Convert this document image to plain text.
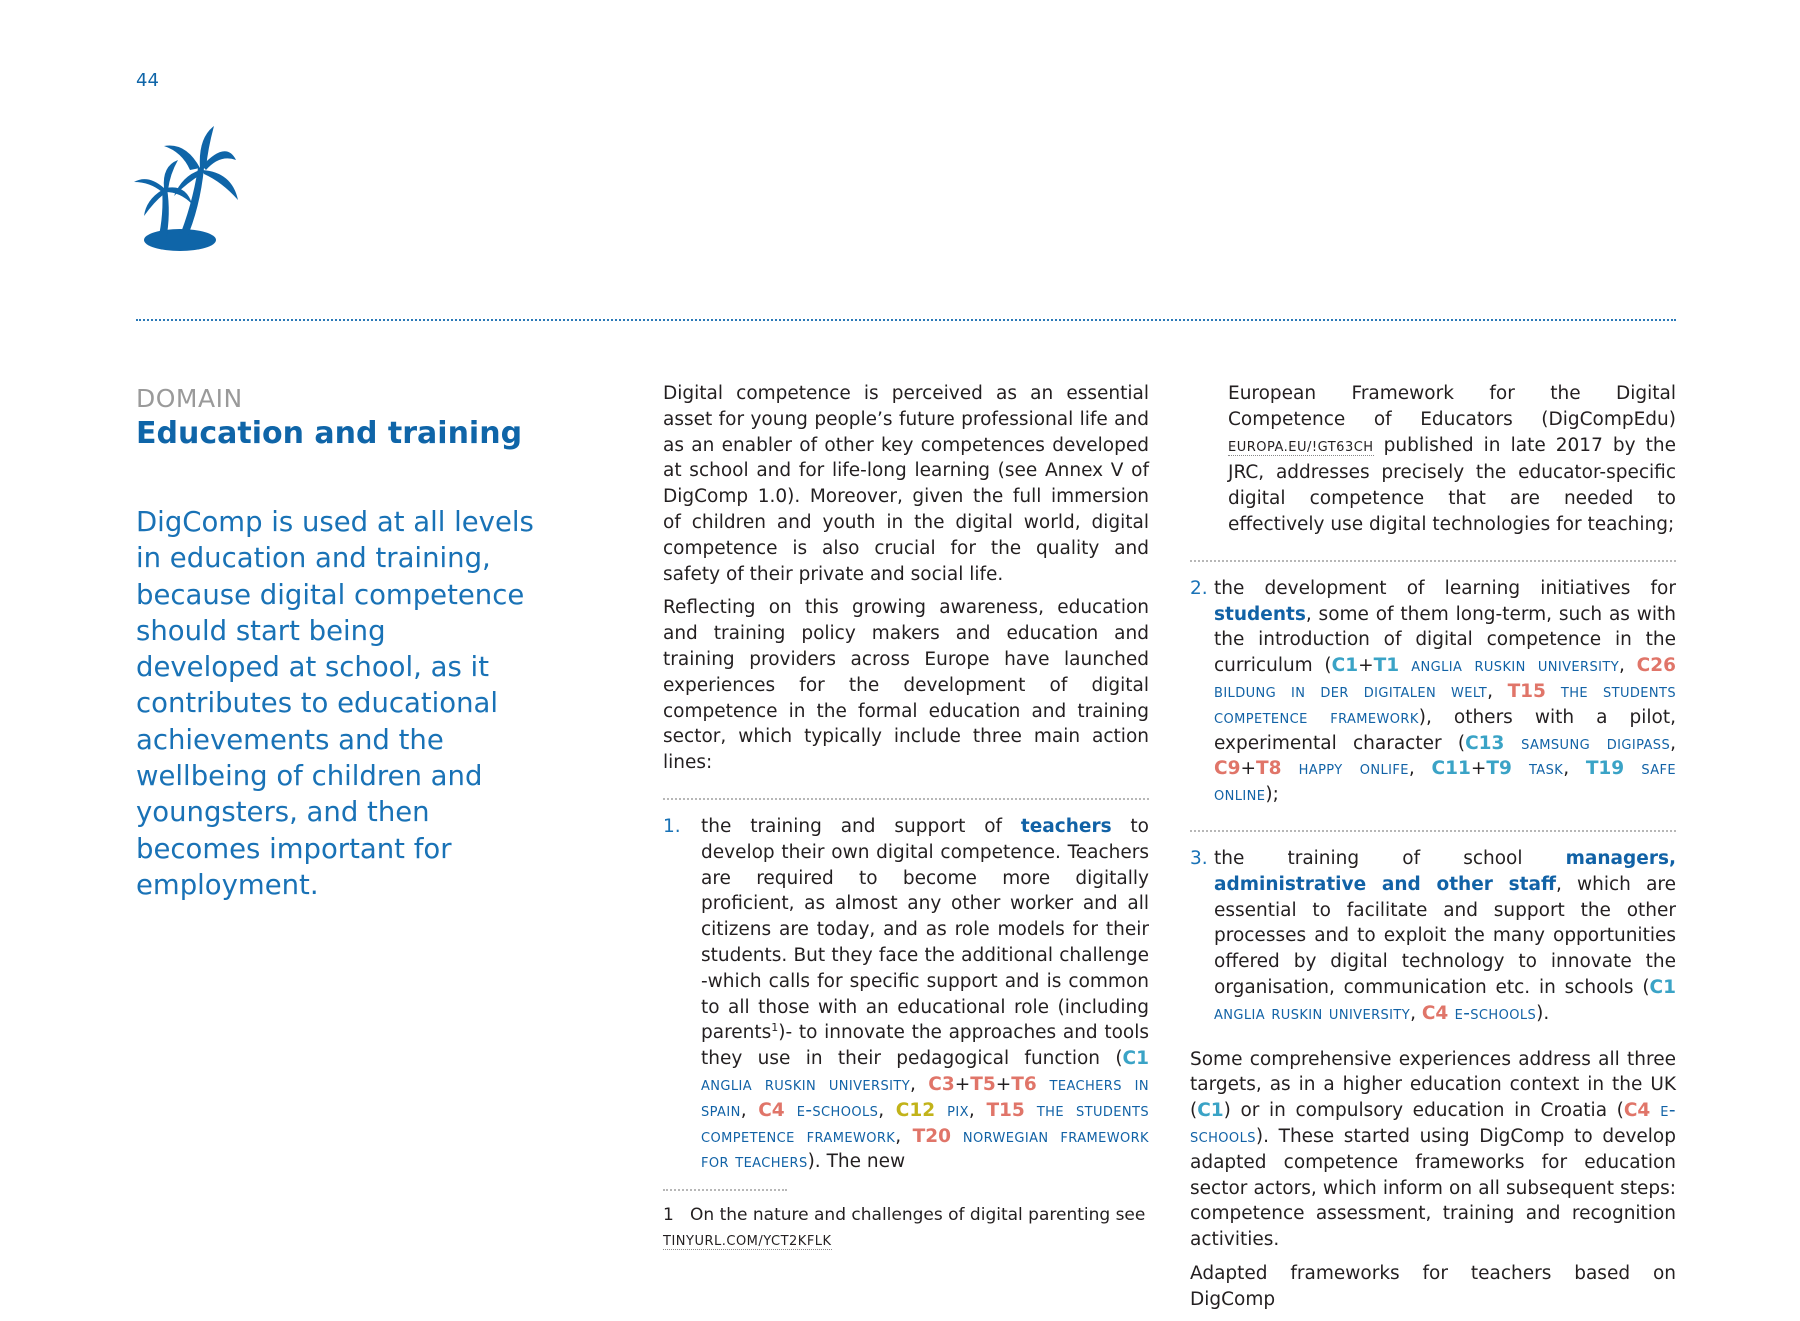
44
DOMAIN
Education and training
DigComp is used at all levels in education and training, because digital competence should start being developed at school, as it contributes to educational achievements and the wellbeing of children and youngsters, and then becomes important for employment.

Digital competence is perceived as an essential asset for young people’s future professional life and as an enabler of other key competences developed at school and for life-long learning (see Annex V of DigComp 1.0). Moreover, given the full immersion of children and youth in the digital world, digital competence is also crucial for the quality and safety of their private and social life.

Reflecting on this growing awareness, education and training policy makers and education and training providers across Europe have launched experiences for the development of digital competence in the formal education and training sector, which typically include three main action lines:

1. the training and support of teachers to develop their own digital competence. Teachers are required to become more digitally proficient, as almost any other worker and all citizens are today, and as role models for their students. But they face the additional challenge -which calls for specific support and is common to all those with an educational role (including parents$^1$)- to innovate the approaches and tools they use in their pedagogical function (C1 anglia ruskin university, C3+T5+T6 teachers in spain, C4 e-schools, C12 pix, T15 the students competence framework, T20 norwegian framework for teachers). The new

1 On the nature and challenges of digital parenting see
TINYURL.COM/YCT2KFLK

European Framework for the Digital Competence of Educators (DigCompEdu) EUROPA.EU/!GT63CH published in late 2017 by the JRC, addresses precisely the educator-specific digital competence that are needed to effectively use digital technologies for teaching;

2. the development of learning initiatives for students, some of them long-term, such as with the introduction of digital competence in the curriculum (C1+T1 anglia ruskin university, C26 bildung in der digitalen welt, T15 the students competence framework), others with a pilot, experimental character (C13 samsung digipass, C9+T8 happy onlife, C11+T9 task, T19 safe online);

3. the training of school managers, administrative and other staff, which are essential to facilitate and support the other processes and to exploit the many opportunities offered by digital technology to innovate the organisation, communication etc. in schools (C1 anglia ruskin university, C4 e-schools).

Some comprehensive experiences address all three targets, as in a higher education context in the UK (C1) or in compulsory education in Croatia (C4 e-schools). These started using DigComp to develop adapted competence frameworks for education sector actors, which inform on all subsequent steps: competence assessment, training and recognition activities.

Adapted frameworks for teachers based on DigComp
